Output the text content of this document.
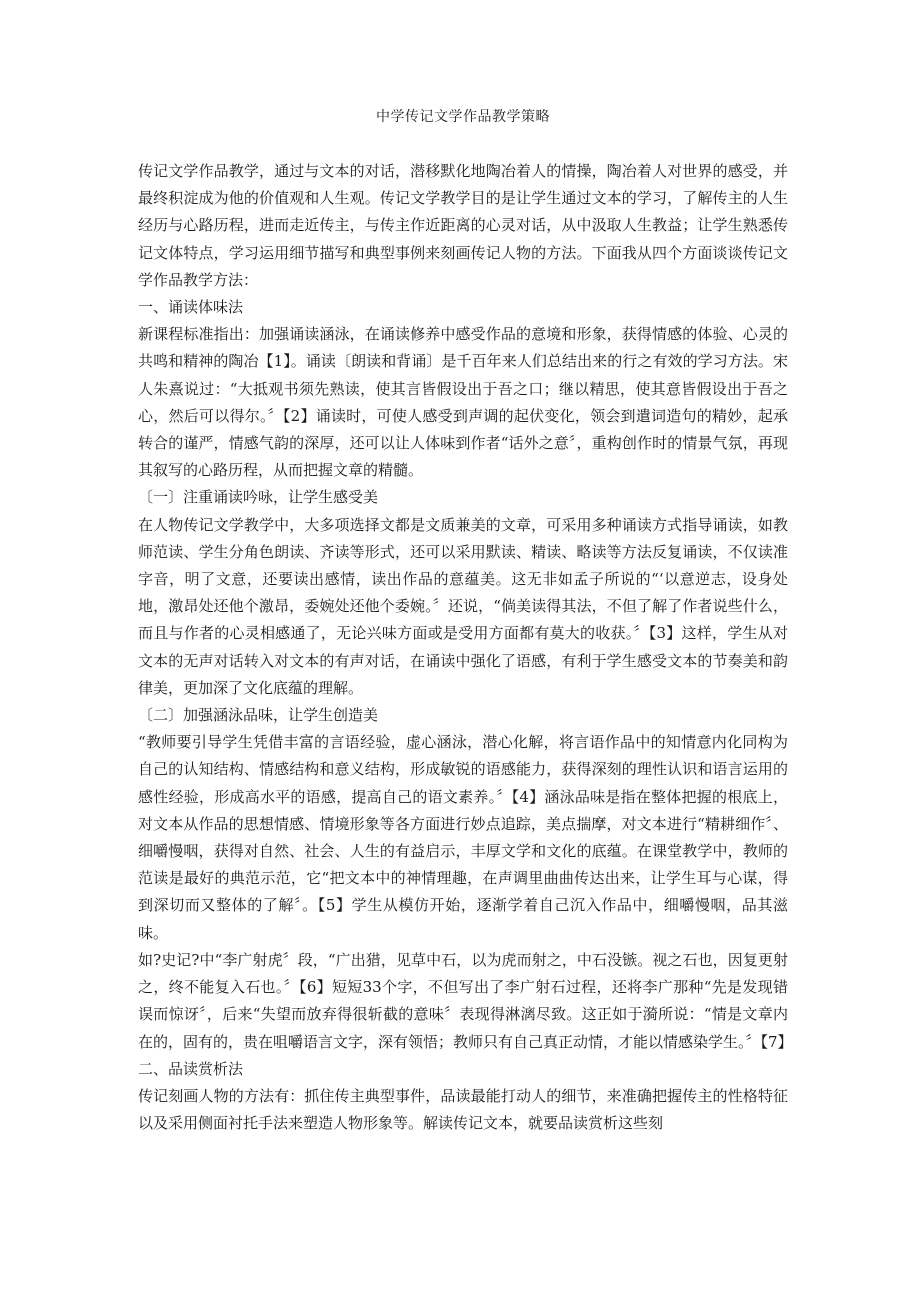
中学传记文学作品教学策略

传记文学作品教学，通过与文本的对话，潜移默化地陶冶着人的情操，陶冶着人对世界的感受，并最终积淀成为他的价值观和人生观。传记文学教学目的是让学生通过文本的学习，了解传主的人生经历与心路历程，进而走近传主，与传主作近距离的心灵对话，从中汲取人生教益；让学生熟悉传记文体特点，学习运用细节描写和典型事例来刻画传记人物的方法。下面我从四个方面谈谈传记文学作品教学方法：

一、诵读体味法

新课程标准指出：加强诵读涵泳，在诵读修养中感受作品的意境和形象，获得情感的体验、心灵的共鸣和精神的陶冶【1】。诵读〔朗读和背诵〕是千百年来人们总结出来的行之有效的学习方法。宋人朱熹说过：“大抵观书须先熟读，使其言皆假设出于吾之口；继以精思，使其意皆假设出于吾之心，然后可以得尔。〞【2】诵读时，可使人感受到声调的起伏变化，领会到遣词造句的精妙，起承转合的谨严，情感气韵的深厚，还可以让人体味到作者“话外之意〞，重构创作时的情景气氛，再现其叙写的心路历程，从而把握文章的精髓。

〔一〕注重诵读吟咏，让学生感受美

在人物传记文学教学中，大多项选择文都是文质兼美的文章，可采用多种诵读方式指导诵读，如教师范读、学生分角色朗读、齐读等形式，还可以采用默读、精读、略读等方法反复诵读，不仅读准字音，明了文意，还要读出感情，读出作品的意蕴美。这无非如孟子所说的“‘以意逆志，设身处地，激昂处还他个激昂，委婉处还他个委婉。〞还说，“倘美读得其法，不但了解了作者说些什么，而且与作者的心灵相感通了，无论兴味方面或是受用方面都有莫大的收获。〞【3】这样，学生从对文本的无声对话转入对文本的有声对话，在诵读中强化了语感，有利于学生感受文本的节奏美和韵律美，更加深了文化底蕴的理解。

〔二〕加强涵泳品味，让学生创造美

“教师要引导学生凭借丰富的言语经验，虚心涵泳，潜心化解，将言语作品中的知情意内化同构为自己的认知结构、情感结构和意义结构，形成敏锐的语感能力，获得深刻的理性认识和语言运用的感性经验，形成高水平的语感，提高自己的语文素养。〞【4】涵泳品味是指在整体把握的根底上，对文本从作品的思想情感、情境形象等各方面进行妙点追踪，美点揣摩，对文本进行“精耕细作〞、细嚼慢咽，获得对自然、社会、人生的有益启示，丰厚文学和文化的底蕴。在课堂教学中，教师的范读是最好的典范示范，它“把文本中的神情理趣，在声调里曲曲传达出来，让学生耳与心谋，得到深切而又整体的了解〞。【5】学生从模仿开始，逐渐学着自己沉入作品中，细嚼慢咽，品其滋味。

如?史记?中“李广射虎〞段，“广出猎，见草中石，以为虎而射之，中石没镞。视之石也，因复更射之，终不能复入石也。〞【6】短短33个字，不但写出了李广射石过程，还将李广那种“先是发现错误而惊讶〞，后来“失望而放弃得很斩截的意味〞表现得淋漓尽致。这正如于漪所说：“情是文章内在的，固有的，贵在咀嚼语言文字，深有领悟；教师只有自己真正动情，才能以情感染学生。〞【7】

二、品读赏析法

传记刻画人物的方法有：抓住传主典型事件，品读最能打动人的细节，来准确把握传主的性格特征以及采用侧面衬托手法来塑造人物形象等。解读传记文本，就要品读赏析这些刻
